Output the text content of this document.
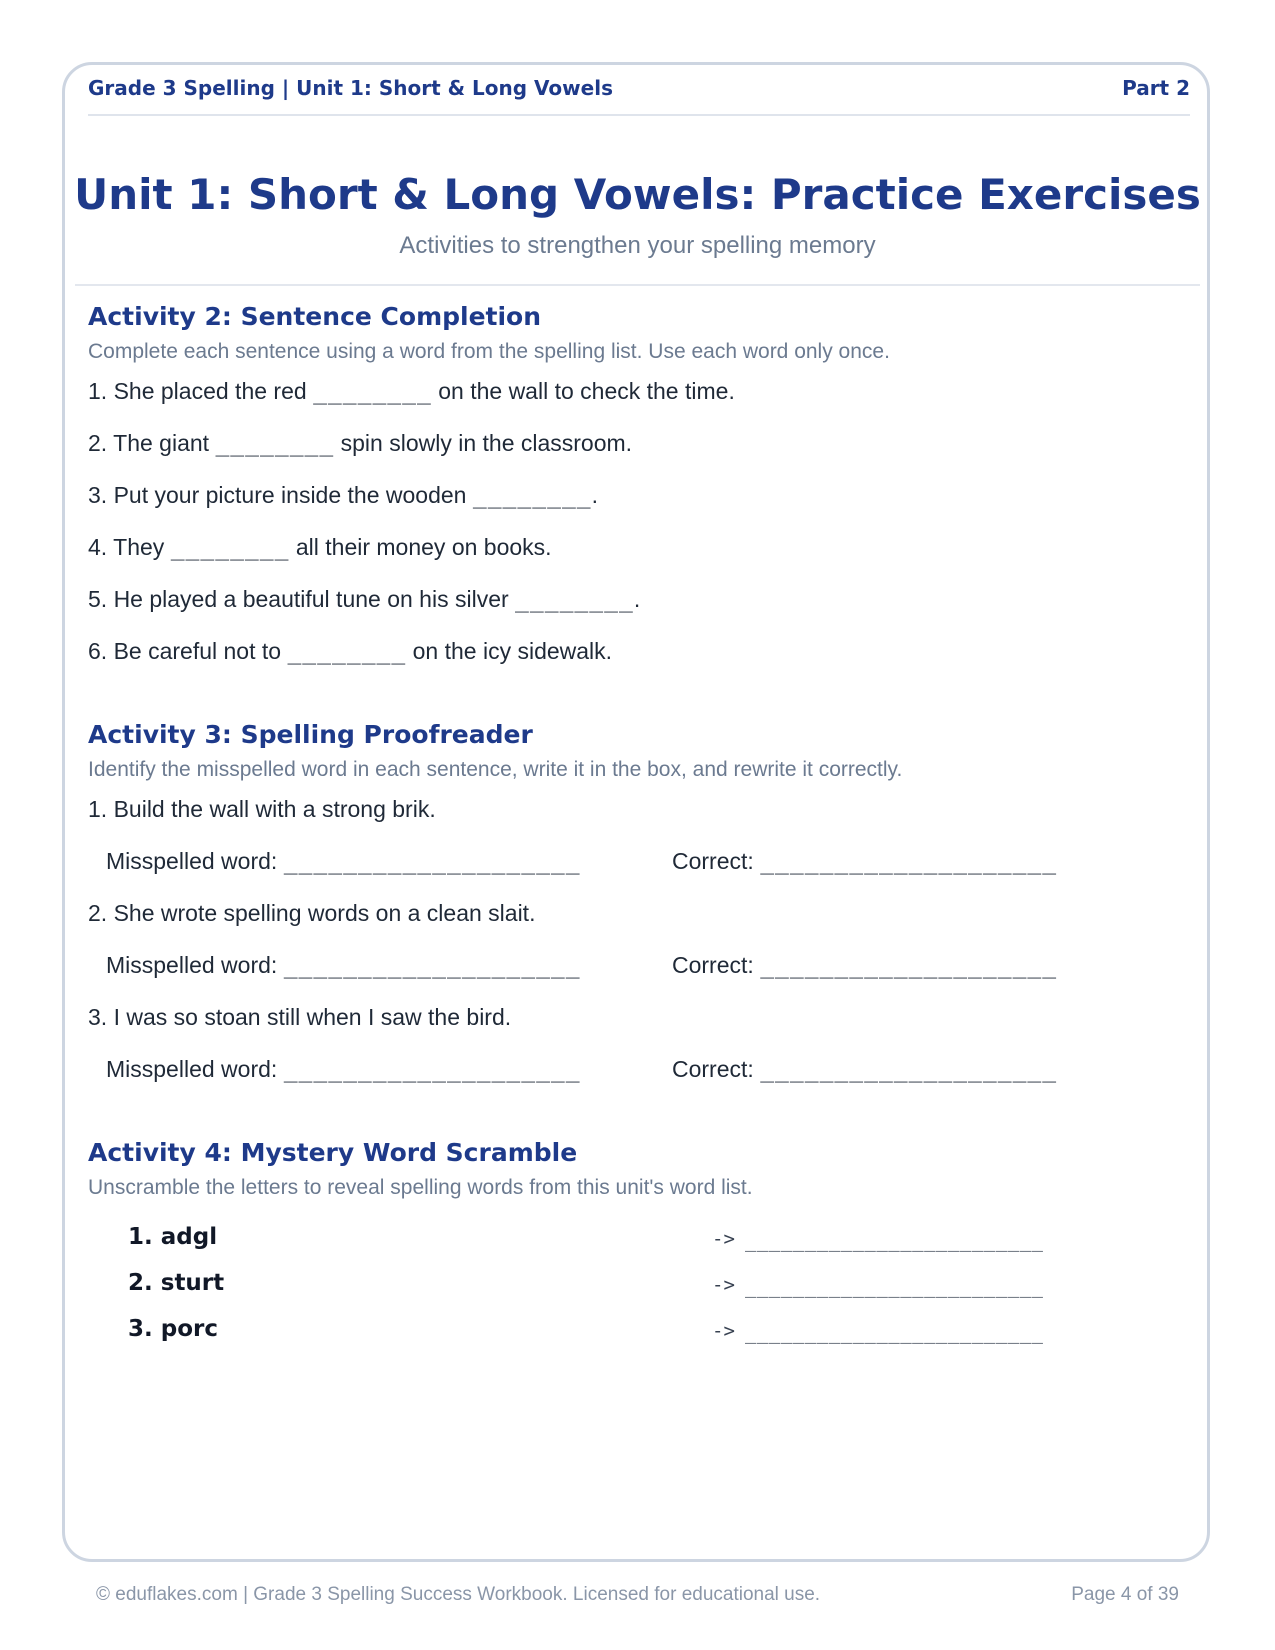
Grade 3 Spelling | Unit 1: Short & Long Vowels	Part 2
Unit 1: Short & Long Vowels: Practice Exercises
Activities to strengthen your spelling memory
Activity 2: Sentence Completion
Complete each sentence using a word from the spelling list. Use each word only once.
1. She placed the red ________ on the wall to check the time.
2. The giant ________ spin slowly in the classroom.
3. Put your picture inside the wooden ________.
4. They ________ all their money on books.
5. He played a beautiful tune on his silver ________.
6. Be careful not to ________ on the icy sidewalk.
Activity 3: Spelling Proofreader
Identify the misspelled word in each sentence, write it in the box, and rewrite it correctly.
1. Build the wall with a strong brik.
Misspelled word: ____________________	Correct: ____________________
2. She wrote spelling words on a clean slait.
Misspelled word: ____________________	Correct: ____________________
3. I was so stoan still when I saw the bird.
Misspelled word: ____________________	Correct: ____________________
Activity 4: Mystery Word Scramble
Unscramble the letters to reveal spelling words from this unit's word list.
1. adgl	-> _________________________
2. sturt	-> _________________________
3. porc	-> _________________________
© eduflakes.com | Grade 3 Spelling Success Workbook. Licensed for educational use.	Page 4 of 39
